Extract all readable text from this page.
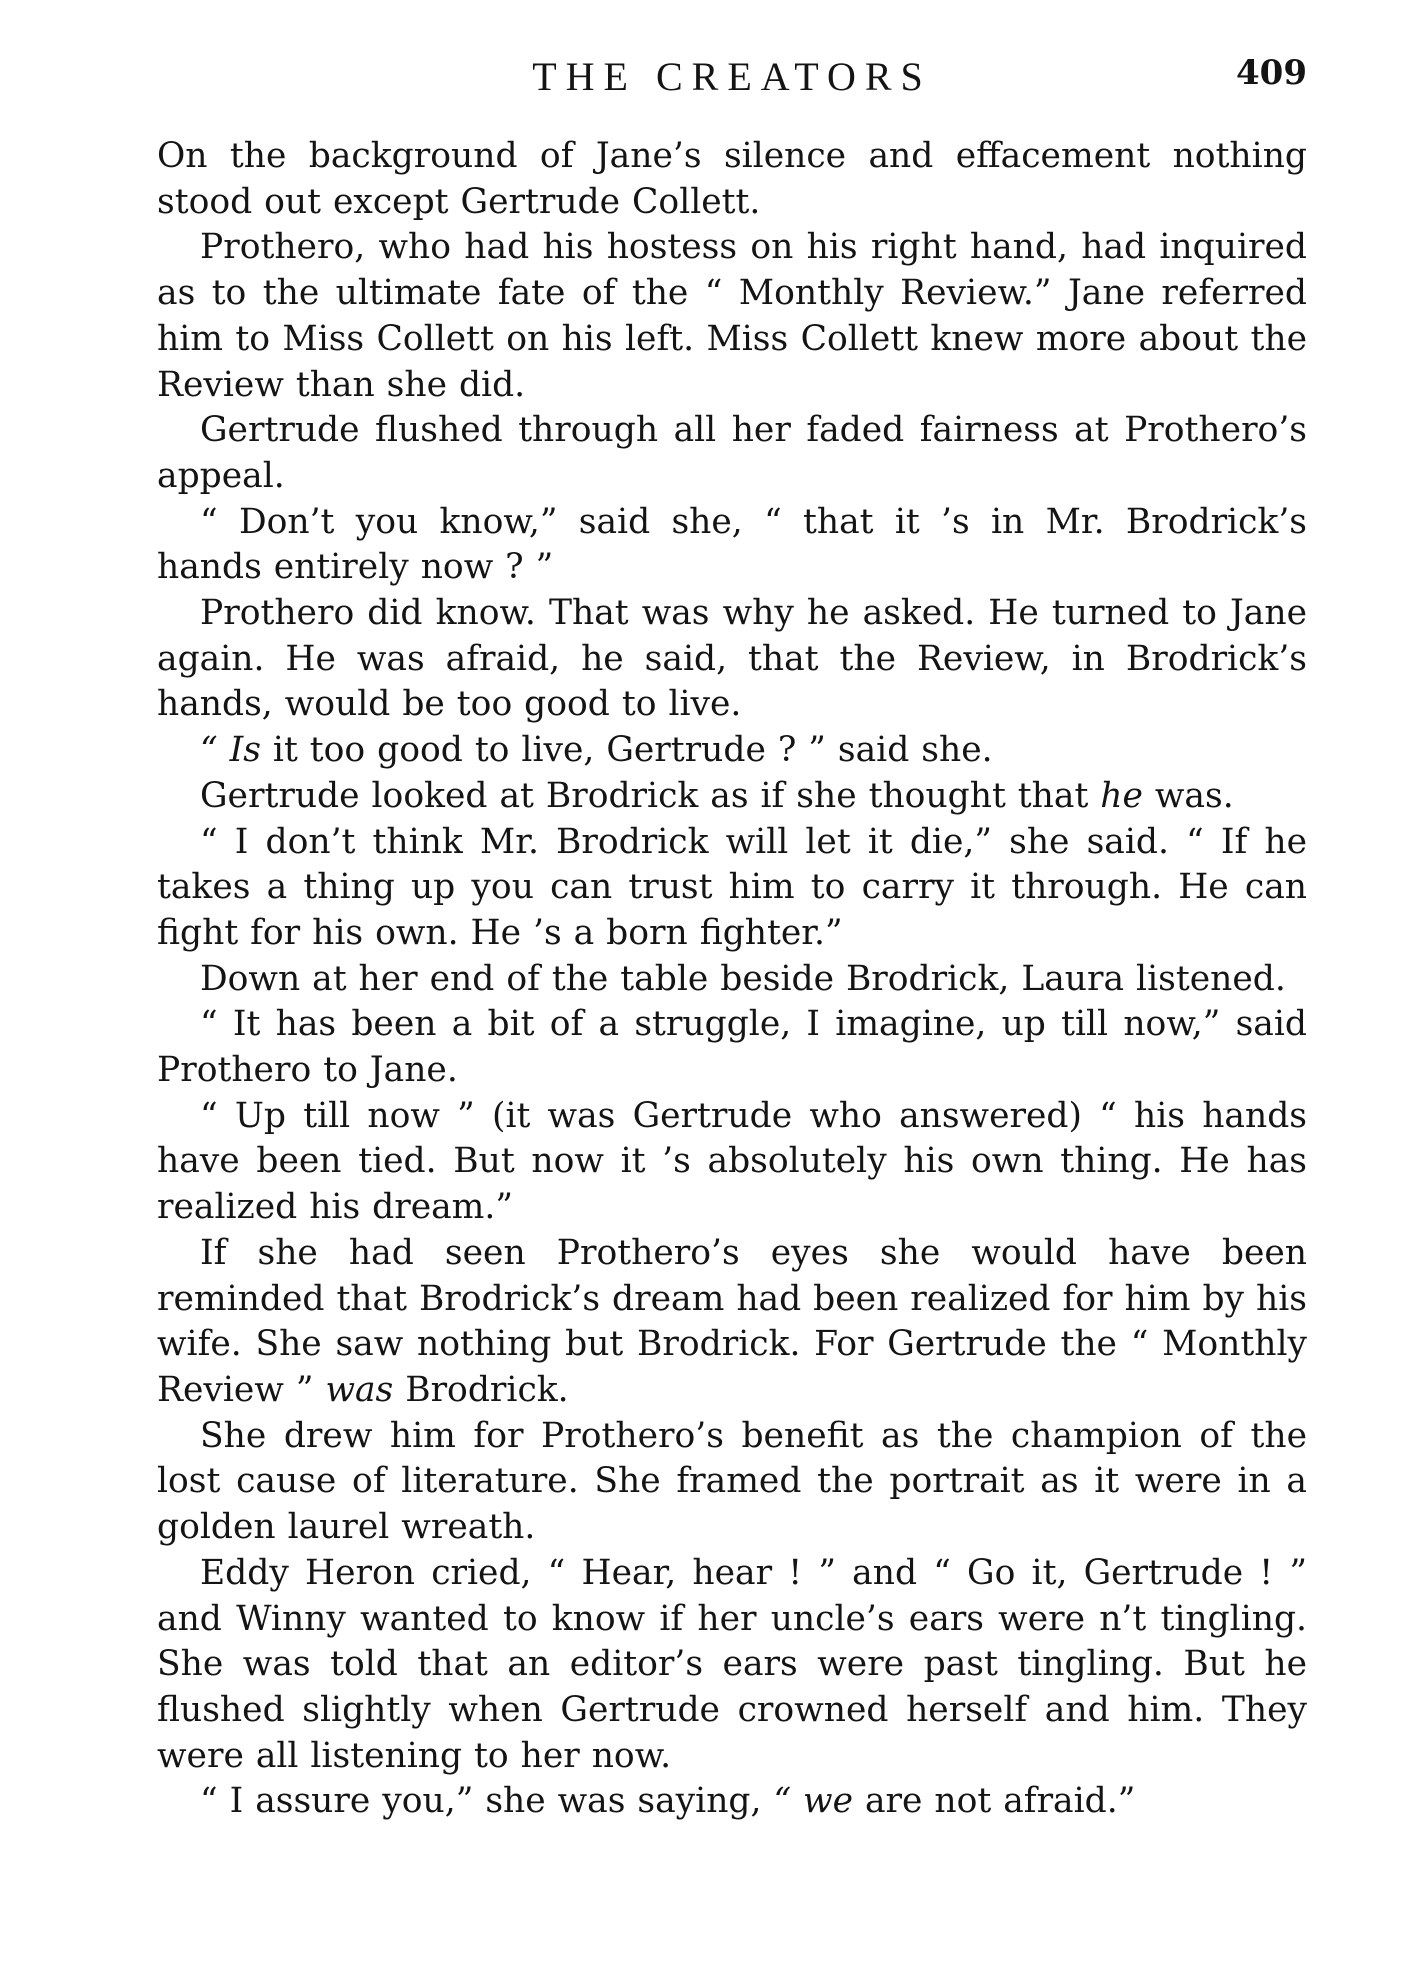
THE CREATORS	409

On the background of Jane’s silence and effacement nothing stood out except Gertrude Collett.

Prothero, who had his hostess on his right hand, had inquired as to the ultimate fate of the “ Monthly Review.” Jane referred him to Miss Collett on his left. Miss Collett knew more about the Review than she did.

Gertrude flushed through all her faded fairness at Prothero’s appeal.

“ Don’t you know,” said she, “ that it ’s in Mr. Brodrick’s hands entirely now ? ”

Prothero did know. That was why he asked. He turned to Jane again. He was afraid, he said, that the Review, in Brodrick’s hands, would be too good to live.

“ Is it too good to live, Gertrude ? ” said she.

Gertrude looked at Brodrick as if she thought that he was.

“ I don’t think Mr. Brodrick will let it die,” she said. “ If he takes a thing up you can trust him to carry it through. He can fight for his own. He ’s a born fighter.”

Down at her end of the table beside Brodrick, Laura listened.

“ It has been a bit of a struggle, I imagine, up till now,” said Prothero to Jane.

“ Up till now ” (it was Gertrude who answered) “ his hands have been tied. But now it ’s absolutely his own thing. He has realized his dream.”

If she had seen Prothero’s eyes she would have been reminded that Brodrick’s dream had been realized for him by his wife. She saw nothing but Brodrick. For Gertrude the “ Monthly Review ” was Brodrick.

She drew him for Prothero’s benefit as the champion of the lost cause of literature. She framed the portrait as it were in a golden laurel wreath.

Eddy Heron cried, “ Hear, hear ! ” and “ Go it, Gertrude ! ” and Winny wanted to know if her uncle’s ears were n’t tingling. She was told that an editor’s ears were past tingling. But he flushed slightly when Gertrude crowned herself and him. They were all listening to her now.

“ I assure you,” she was saying, “ we are not afraid.”
